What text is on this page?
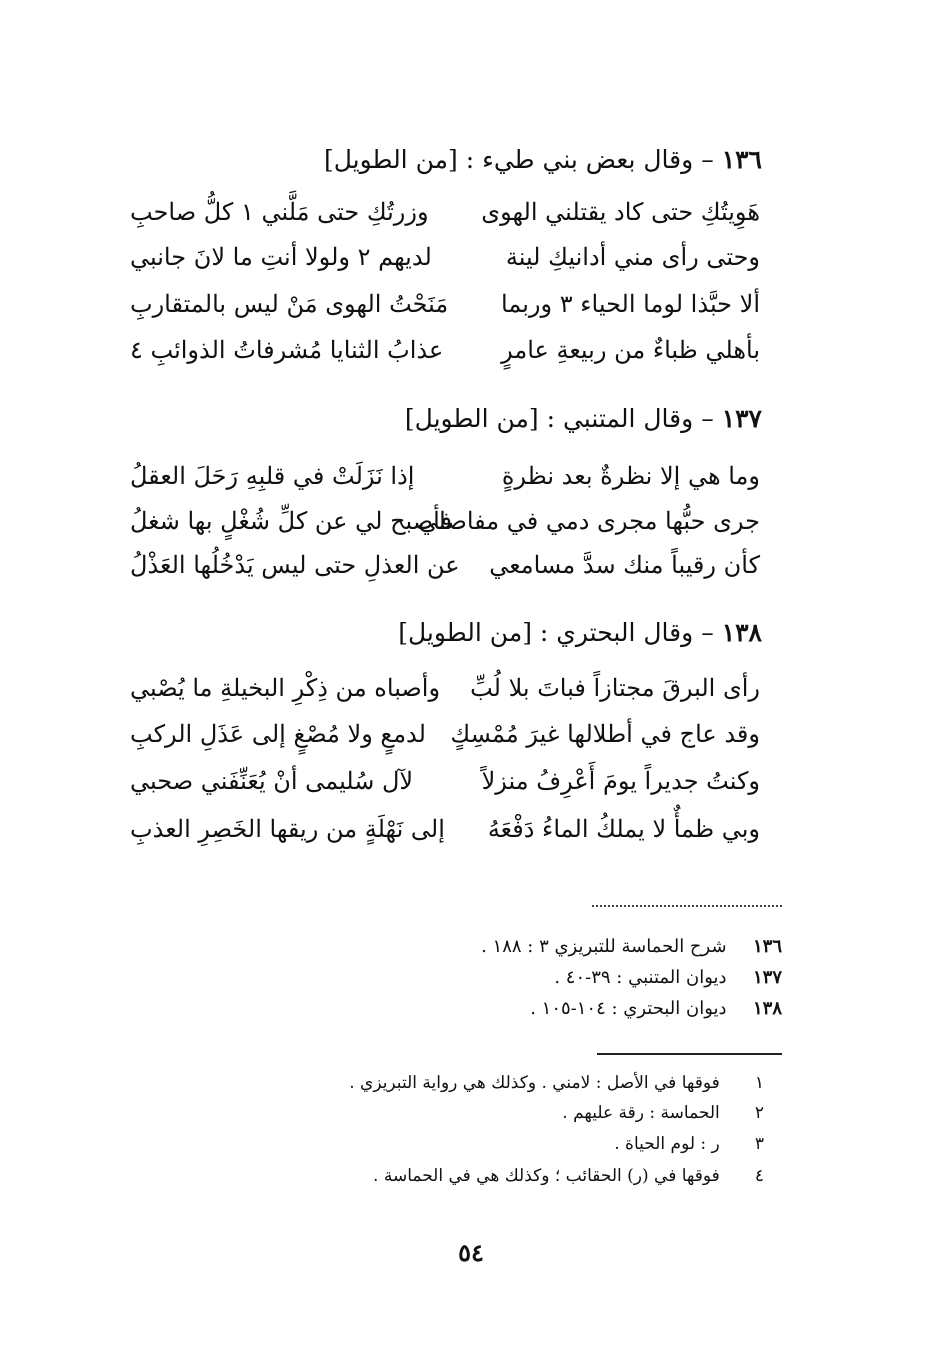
١٣٦–وقال بعض بني طيء : [من الطويل]
هَوِيتُكِ حتى كاد يقتلني الهوى
وزرتُكِ حتى مَلَّني ١ كلُّ صاحبِ
وحتى رأى مني أدانيكِ لينة
لديهم ٢ ولولا أنتِ ما لانَ جانبي
ألا حبَّذا لوما الحياء ٣ وربما
مَنَحْتُ الهوى مَنْ ليس بالمتقاربِ
بأهلي ظباءٌ من ربيعةِ عامرٍ
عذابُ الثنايا مُشرفاتُ الذوائبِ ٤
١٣٧–وقال المتنبي : [من الطويل]
وما هي إلا نظرةٌ بعد نظرةٍ
إذا نَزَلَتْ في قلبِهِ رَحَلَ العقلُ
جرى حبُّها مجرى دمي في مفاصلي
فأصبح لي عن كلِّ شُغْلٍ بها شغلُ
كأن رقيباً منك سدَّ مسامعي
عن العذلِ حتى ليس يَدْخُلُها العَذْلُ
١٣٨–وقال البحتري : [من الطويل]
رأى البرقَ مجتازاً فباتَ بلا لُبِّ
وأصباه من ذِكْرِ البخيلةِ ما يُصْبي
وقد عاج في أطلالها غيرَ مُمْسِكٍ
لدمعٍ ولا مُصْغٍ إلى عَذَلِ الركبِ
وكنتُ جديراً يومَ أَعْرِفُ منزلاً
لآل سُليمى أنْ يُعَنِّفَني صحبي
وبي ظمأٌ لا يملكُ الماءُ دَفْعَهُ
إلى نَهْلَةٍ من ريقها الخَصِرِ العذبِ
١٣٦  شرح الحماسة للتبريزي ٣ : ١٨٨ .
١٣٧  ديوان المتنبي : ٣٩-٤٠ .
١٣٨  ديوان البحتري : ١٠٤-١٠٥ .
١   فوقها في الأصل : لامني . وكذلك هي رواية التبريزي .
٢   الحماسة : رقة عليهم .
٣   ر : لوم الحياة .
٤   فوقها في (ر) الحقائب ؛ وكذلك هي في الحماسة .
٥٤
